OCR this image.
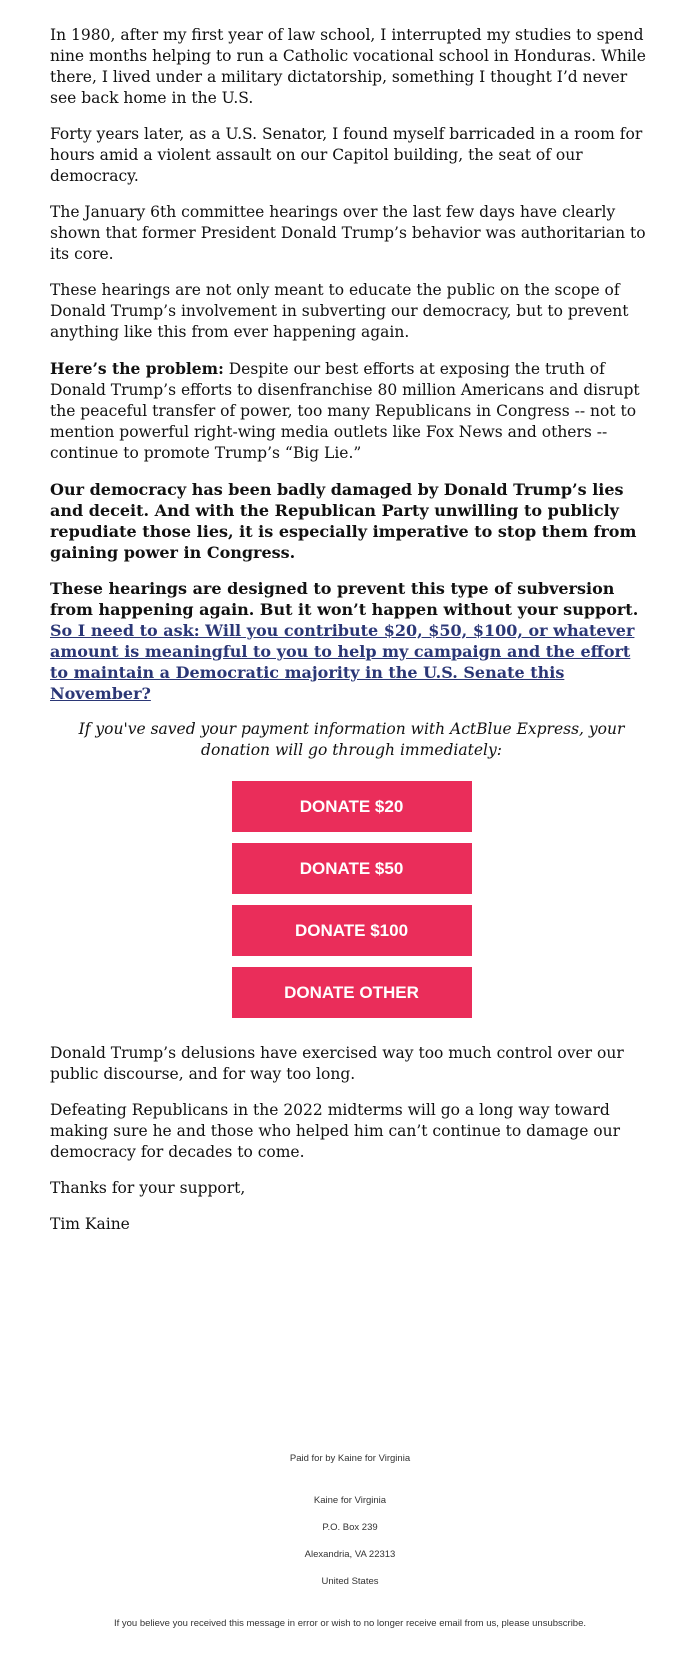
In 1980, after my first year of law school, I interrupted my studies to spend nine months helping to run a Catholic vocational school in Honduras. While there, I lived under a military dictatorship, something I thought I’d never see back home in the U.S.

Forty years later, as a U.S. Senator, I found myself barricaded in a room for hours amid a violent assault on our Capitol building, the seat of our democracy.

The January 6th committee hearings over the last few days have clearly shown that former President Donald Trump’s behavior was authoritarian to its core.

These hearings are not only meant to educate the public on the scope of Donald Trump’s involvement in subverting our democracy, but to prevent anything like this from ever happening again.

Here’s the problem: Despite our best efforts at exposing the truth of Donald Trump’s efforts to disenfranchise 80 million Americans and disrupt the peaceful transfer of power, too many Republicans in Congress -- not to mention powerful right-wing media outlets like Fox News and others -- continue to promote Trump’s “Big Lie.”

Our democracy has been badly damaged by Donald Trump’s lies and deceit. And with the Republican Party unwilling to publicly repudiate those lies, it is especially imperative to stop them from gaining power in Congress.

These hearings are designed to prevent this type of subversion from happening again. But it won’t happen without your support. So I need to ask: Will you contribute $20, $50, $100, or whatever amount is meaningful to you to help my campaign and the effort to maintain a Democratic majority in the U.S. Senate this November?

If you've saved your payment information with ActBlue Express, your donation will go through immediately:

DONATE $20
DONATE $50
DONATE $100
DONATE OTHER

Donald Trump’s delusions have exercised way too much control over our public discourse, and for way too long.

Defeating Republicans in the 2022 midterms will go a long way toward making sure he and those who helped him can’t continue to damage our democracy for decades to come.

Thanks for your support,

Tim Kaine

Paid for by Kaine for Virginia
Kaine for Virginia
P.O. Box 239
Alexandria, VA 22313
United States
If you believe you received this message in error or wish to no longer receive email from us, please unsubscribe.
